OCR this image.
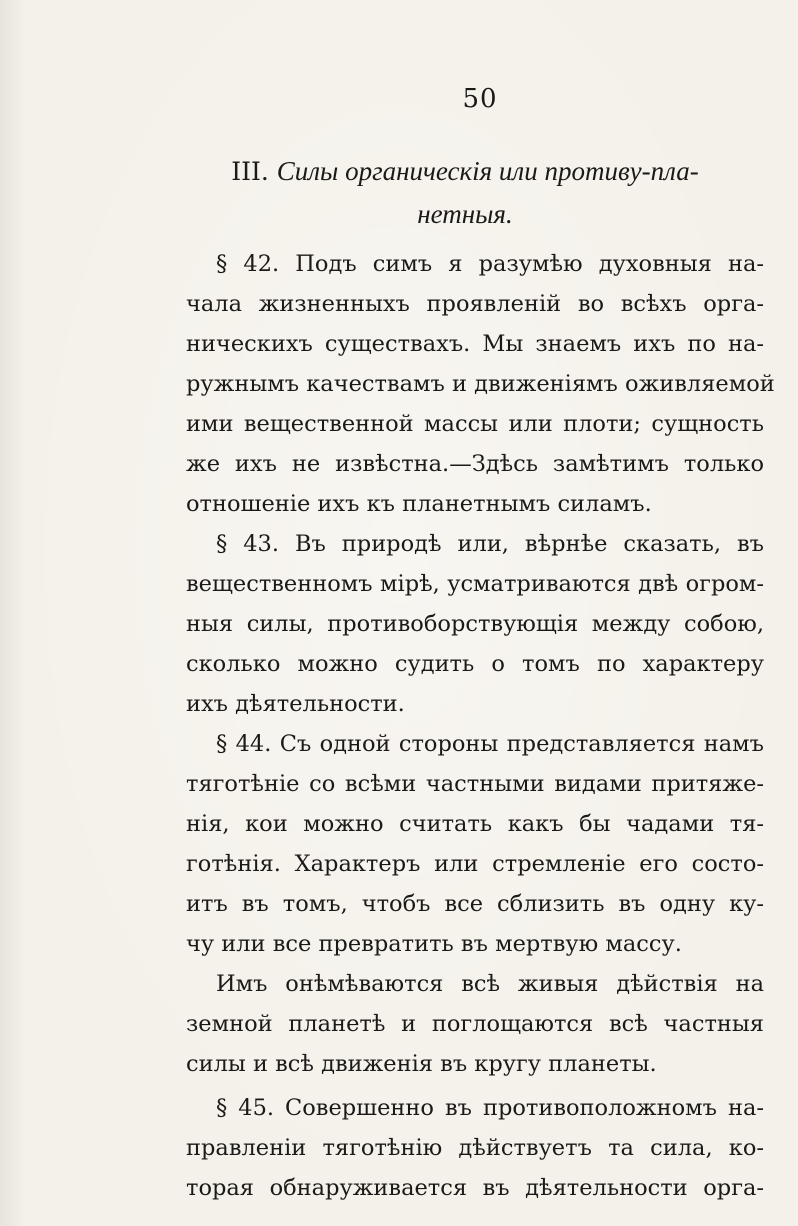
50
III. Силы органическія или противу-пла-
нетныя.
§ 42. Подъ симъ я разумѣю духовныя на-
чала жизненныхъ проявленій во всѣхъ орга-
ническихъ существахъ. Мы знаемъ ихъ по на-
ружнымъ качествамъ и движеніямъ оживляемой
ими вещественной массы или плоти; сущность
же ихъ не извѣстна.—Здѣсь замѣтимъ только
отношеніе ихъ къ планетнымъ силамъ.
§ 43. Въ природѣ или, вѣрнѣе сказать, въ
вещественномъ мірѣ, усматриваются двѣ огром-
ныя силы, противоборствующія между собою,
сколько можно судить о томъ по характеру
ихъ дѣятельности.
§ 44. Съ одной стороны представляется намъ
тяготѣніе со всѣми частными видами притяже-
нія, кои можно считать какъ бы чадами тя-
готѣнія. Характеръ или стремленіе его состо-
итъ въ томъ, чтобъ все сблизить въ одну ку-
чу или все превратить въ мертвую массу.
Имъ онѣмѣваются всѣ живыя дѣйствія на
земной планетѣ и поглощаются всѣ частныя
силы и всѣ движенія въ кругу планеты.
§ 45. Совершенно въ противоположномъ на-
правленіи тяготѣнію дѣйствуетъ та сила, ко-
торая обнаруживается въ дѣятельности орга-
